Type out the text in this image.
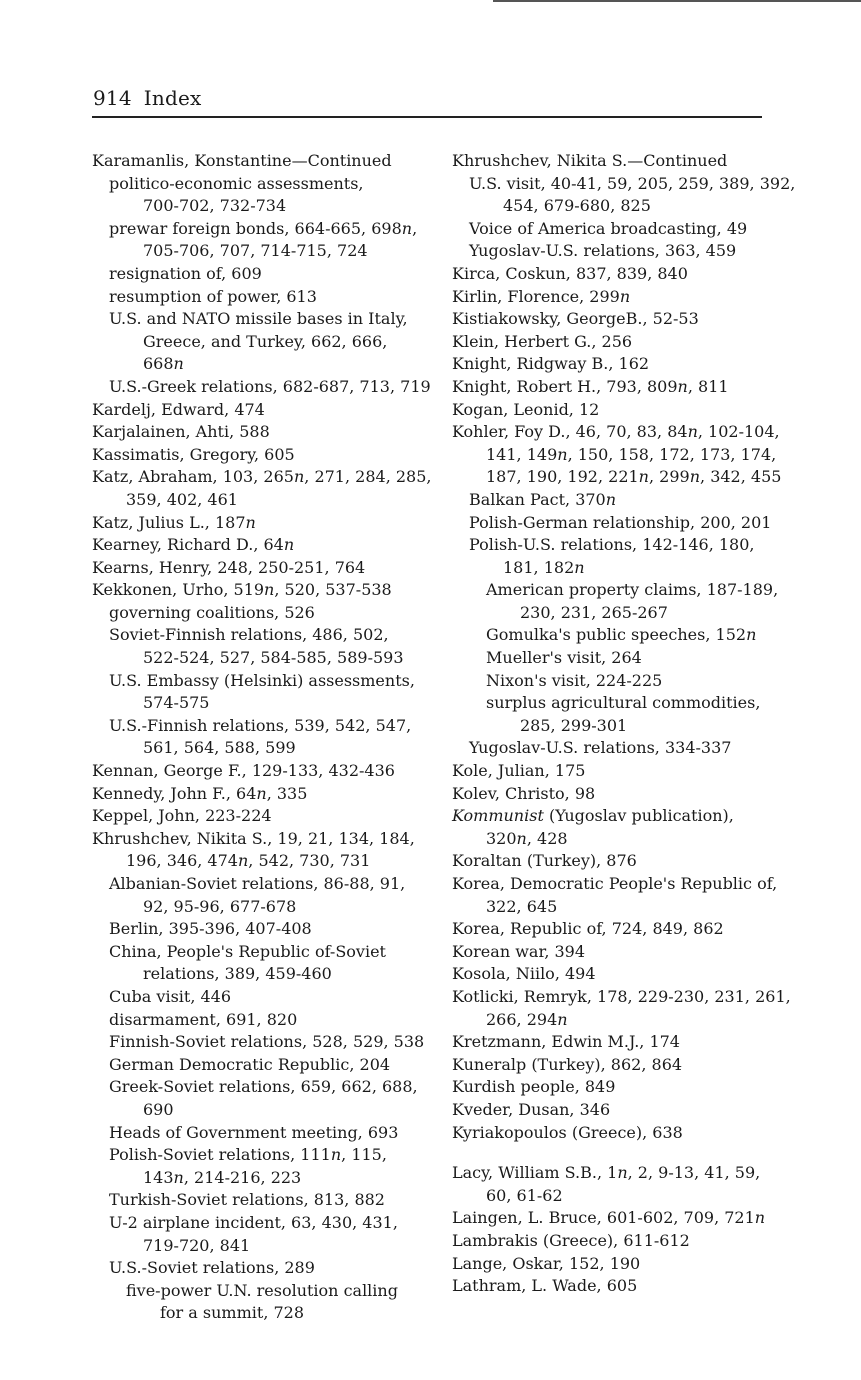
914 Index
Karamanlis, Konstantine—Continued
politico-economic assessments,
700-702, 732-734
prewar foreign bonds, 664-665, 698n,
705-706, 707, 714-715, 724
resignation of, 609
resumption of power, 613
U.S. and NATO missile bases in Italy,
Greece, and Turkey, 662, 666,
668n
U.S.-Greek relations, 682-687, 713, 719
Kardelj, Edward, 474
Karjalainen, Ahti, 588
Kassimatis, Gregory, 605
Katz, Abraham, 103, 265n, 271, 284, 285,
359, 402, 461
Katz, Julius L., 187n
Kearney, Richard D., 64n
Kearns, Henry, 248, 250-251, 764
Kekkonen, Urho, 519n, 520, 537-538
governing coalitions, 526
Soviet-Finnish relations, 486, 502,
522-524, 527, 584-585, 589-593
U.S. Embassy (Helsinki) assessments,
574-575
U.S.-Finnish relations, 539, 542, 547,
561, 564, 588, 599
Kennan, George F., 129-133, 432-436
Kennedy, John F., 64n, 335
Keppel, John, 223-224
Khrushchev, Nikita S., 19, 21, 134, 184,
196, 346, 474n, 542, 730, 731
Albanian-Soviet relations, 86-88, 91,
92, 95-96, 677-678
Berlin, 395-396, 407-408
China, People's Republic of-Soviet
relations, 389, 459-460
Cuba visit, 446
disarmament, 691, 820
Finnish-Soviet relations, 528, 529, 538
German Democratic Republic, 204
Greek-Soviet relations, 659, 662, 688,
690
Heads of Government meeting, 693
Polish-Soviet relations, 111n, 115,
143n, 214-216, 223
Turkish-Soviet relations, 813, 882
U-2 airplane incident, 63, 430, 431,
719-720, 841
U.S.-Soviet relations, 289
five-power U.N. resolution calling
for a summit, 728
Khrushchev, Nikita S.—Continued
U.S. visit, 40-41, 59, 205, 259, 389, 392,
454, 679-680, 825
Voice of America broadcasting, 49
Yugoslav-U.S. relations, 363, 459
Kirca, Coskun, 837, 839, 840
Kirlin, Florence, 299n
Kistiakowsky, GeorgeB., 52-53
Klein, Herbert G., 256
Knight, Ridgway B., 162
Knight, Robert H., 793, 809n, 811
Kogan, Leonid, 12
Kohler, Foy D., 46, 70, 83, 84n, 102-104,
141, 149n, 150, 158, 172, 173, 174,
187, 190, 192, 221n, 299n, 342, 455
Balkan Pact, 370n
Polish-German relationship, 200, 201
Polish-U.S. relations, 142-146, 180,
181, 182n
American property claims, 187-189,
230, 231, 265-267
Gomulka's public speeches, 152n
Mueller's visit, 264
Nixon's visit, 224-225
surplus agricultural commodities,
285, 299-301
Yugoslav-U.S. relations, 334-337
Kole, Julian, 175
Kolev, Christo, 98
Kommunist (Yugoslav publication),
320n, 428
Koraltan (Turkey), 876
Korea, Democratic People's Republic of,
322, 645
Korea, Republic of, 724, 849, 862
Korean war, 394
Kosola, Niilo, 494
Kotlicki, Remryk, 178, 229-230, 231, 261,
266, 294n
Kretzmann, Edwin M.J., 174
Kuneralp (Turkey), 862, 864
Kurdish people, 849
Kveder, Dusan, 346
Kyriakopoulos (Greece), 638
Lacy, William S.B., 1n, 2, 9-13, 41, 59,
60, 61-62
Laingen, L. Bruce, 601-602, 709, 721n
Lambrakis (Greece), 611-612
Lange, Oskar, 152, 190
Lathram, L. Wade, 605
